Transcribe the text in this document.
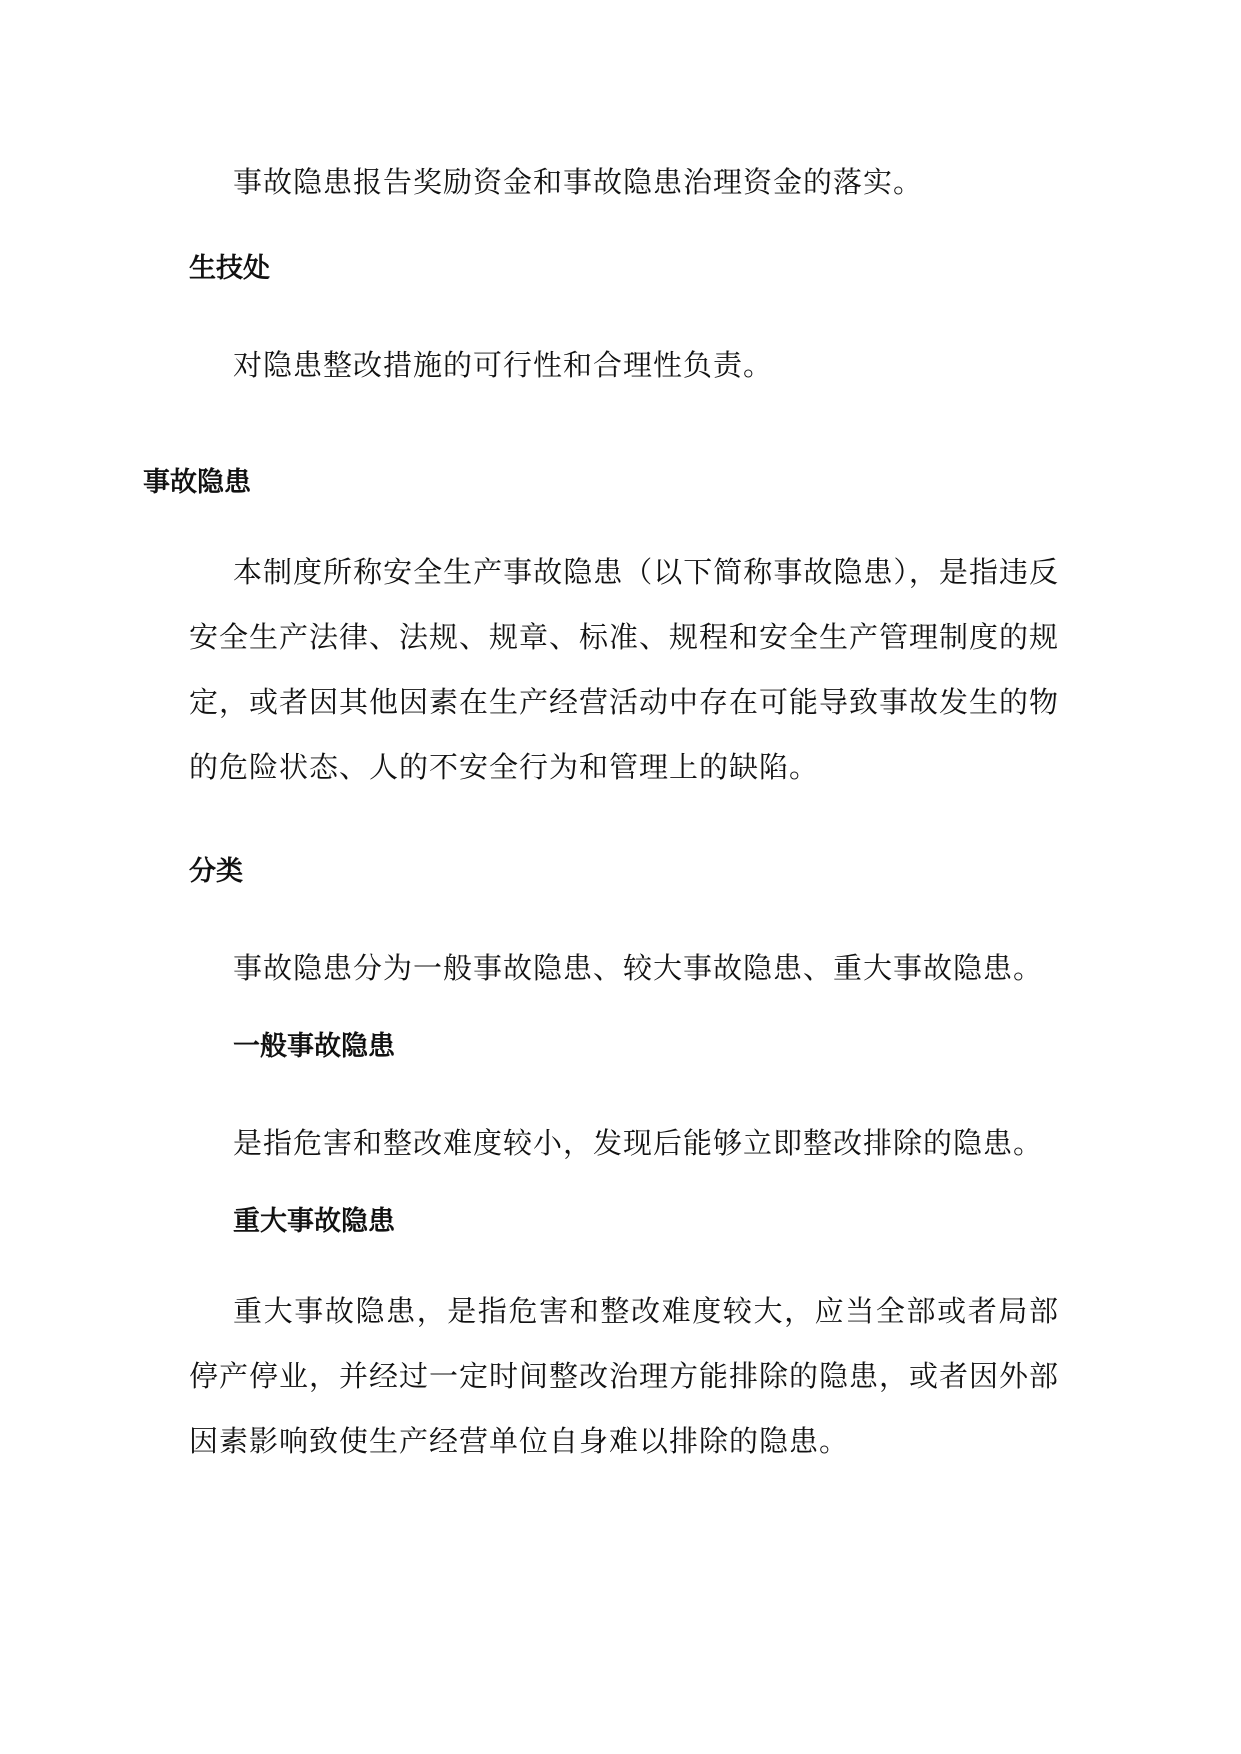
事故隐患报告奖励资金和事故隐患治理资金的落实。

生技处

对隐患整改措施的可行性和合理性负责。

事故隐患

本制度所称安全生产事故隐患（以下简称事故隐患），是指违反安全生产法律、法规、规章、标准、规程和安全生产管理制度的规定，或者因其他因素在生产经营活动中存在可能导致事故发生的物的危险状态、人的不安全行为和管理上的缺陷。

分类

事故隐患分为一般事故隐患、较大事故隐患、重大事故隐患。

一般事故隐患

是指危害和整改难度较小，发现后能够立即整改排除的隐患。

重大事故隐患

重大事故隐患，是指危害和整改难度较大，应当全部或者局部停产停业，并经过一定时间整改治理方能排除的隐患，或者因外部因素影响致使生产经营单位自身难以排除的隐患。
